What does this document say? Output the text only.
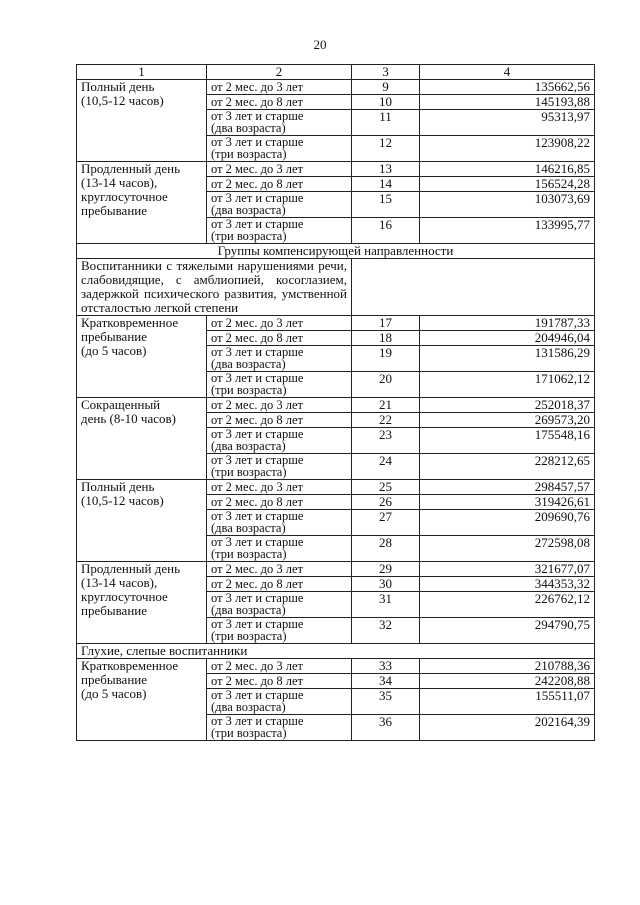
20
1	2	3	4

Полный день
(10,5-12 часов)	от 2 мес. до 3 лет	9	135662,56
	от 2 мес. до 8 лет	10	145193,88

	от 3 лет и старше
(два возраста)	11	95313,97

	от 3 лет и старше
(три возраста)	12	123908,22

Продленный день
(13-14 часов),
круглосуточное
пребывание	от 2 мес. до 3 лет	13	146216,85
	от 2 мес. до 8 лет	14	156524,28

	от 3 лет и старше
(два возраста)	15	103073,69

	от 3 лет и старше
(три возраста)	16	133995,77
Группы компенсирующей направленности			
Воспитанники с тяжелыми нарушениями речи, слабовидящие, с амблиопией, косоглазием, задержкой психического развития, умственной отсталостью легкой степени			

Кратковременное
пребывание
(до 5 часов)	от 2 мес. до 3 лет	17	191787,33
	от 2 мес. до 8 лет	18	204946,04

	от 3 лет и старше
(два возраста)	19	131586,29

	от 3 лет и старше
(три возраста)	20	171062,12

Сокращенный
день (8-10 часов)	от 2 мес. до 3 лет	21	252018,37
	от 2 мес. до 8 лет	22	269573,20

	от 3 лет и старше
(два возраста)	23	175548,16

	от 3 лет и старше
(три возраста)	24	228212,65

Полный день
(10,5-12 часов)	от 2 мес. до 3 лет	25	298457,57
	от 2 мес. до 8 лет	26	319426,61

	от 3 лет и старше
(два возраста)	27	209690,76

	от 3 лет и старше
(три возраста)	28	272598,08

Продленный день
(13-14 часов),
круглосуточное
пребывание	от 2 мес. до 3 лет	29	321677,07
	от 2 мес. до 8 лет	30	344353,32

	от 3 лет и старше
(два возраста)	31	226762,12

	от 3 лет и старше
(три возраста)	32	294790,75
Глухие, слепые воспитанники			

Кратковременное
пребывание
(до 5 часов)	от 2 мес. до 3 лет	33	210788,36
	от 2 мес. до 8 лет	34	242208,88

	от 3 лет и старше
(два возраста)	35	155511,07

	от 3 лет и старше
(три возраста)	36	202164,39
